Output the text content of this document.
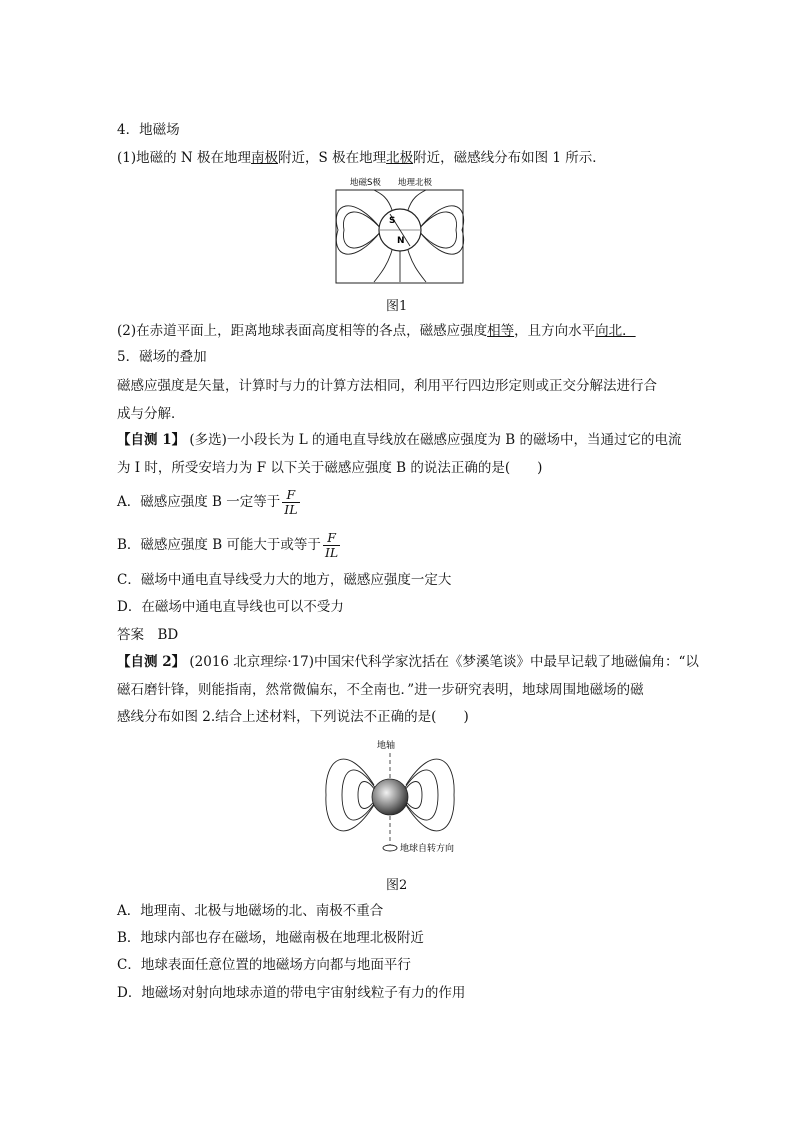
4．地磁场
(1)地磁的 N 极在地理南极附近，S 极在地理北极附近，磁感线分布如图 1 所示．
地磁S极 地理北极
S
N
图1
(2)在赤道平面上，距离地球表面高度相等的各点，磁感应强度相等，且方向水平向北．
5．磁场的叠加
磁感应强度是矢量，计算时与力的计算方法相同，利用平行四边形定则或正交分解法进行合
成与分解．
【自测 1】 (多选)一小段长为 L 的通电直导线放在磁感应强度为 B 的磁场中，当通过它的电流
为 I 时，所受安培力为 F 以下关于磁感应强度 B 的说法正确的是(　　)
A．磁感应强度 B 一定等于 $\frac{F}{IL}$
B．磁感应强度 B 可能大于或等于 $\frac{F}{IL}$
C．磁场中通电直导线受力大的地方，磁感应强度一定大
D．在磁场中通电直导线也可以不受力
答案　BD
【自测 2】 (2016 北京理综·17)中国宋代科学家沈括在《梦溪笔谈》中最早记载了地磁偏角：“以
磁石磨针锋，则能指南，然常微偏东，不全南也．”进一步研究表明，地球周围地磁场的磁
感线分布如图 2.结合上述材料，下列说法不正确的是(　　)
地轴
地球自转方向
图2
A．地理南、北极与地磁场的北、南极不重合
B．地球内部也存在磁场，地磁南极在地理北极附近
C．地球表面任意位置的地磁场方向都与地面平行
D．地磁场对射向地球赤道的带电宇宙射线粒子有力的作用
